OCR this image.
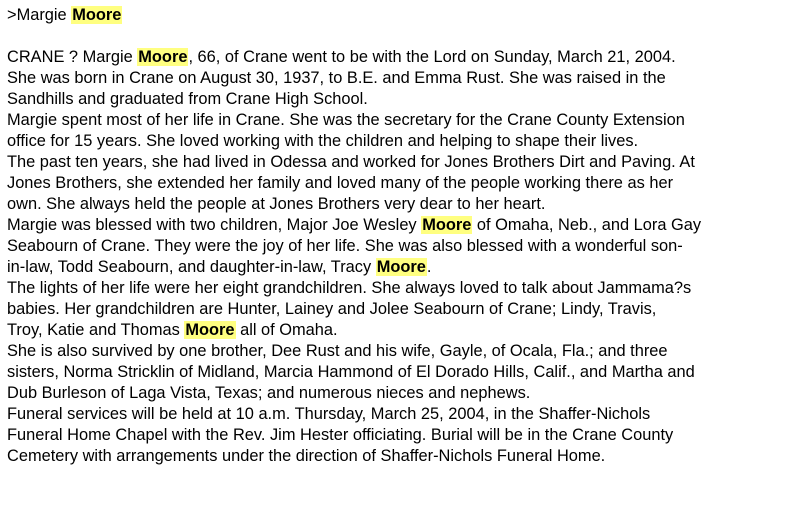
>Margie Moore

CRANE ? Margie Moore, 66, of Crane went to be with the Lord on Sunday, March 21, 2004.
She was born in Crane on August 30, 1937, to B.E. and Emma Rust. She was raised in the
Sandhills and graduated from Crane High School.
Margie spent most of her life in Crane. She was the secretary for the Crane County Extension
office for 15 years. She loved working with the children and helping to shape their lives.
The past ten years, she had lived in Odessa and worked for Jones Brothers Dirt and Paving. At
Jones Brothers, she extended her family and loved many of the people working there as her
own. She always held the people at Jones Brothers very dear to her heart.
Margie was blessed with two children, Major Joe Wesley Moore of Omaha, Neb., and Lora Gay
Seabourn of Crane. They were the joy of her life. She was also blessed with a wonderful son-
in-law, Todd Seabourn, and daughter-in-law, Tracy Moore.
The lights of her life were her eight grandchildren. She always loved to talk about Jammama?s
babies. Her grandchildren are Hunter, Lainey and Jolee Seabourn of Crane; Lindy, Travis,
Troy, Katie and Thomas Moore all of Omaha.
She is also survived by one brother, Dee Rust and his wife, Gayle, of Ocala, Fla.; and three
sisters, Norma Stricklin of Midland, Marcia Hammond of El Dorado Hills, Calif., and Martha and
Dub Burleson of Laga Vista, Texas; and numerous nieces and nephews.
Funeral services will be held at 10 a.m. Thursday, March 25, 2004, in the Shaffer-Nichols
Funeral Home Chapel with the Rev. Jim Hester officiating. Burial will be in the Crane County
Cemetery with arrangements under the direction of Shaffer-Nichols Funeral Home.
